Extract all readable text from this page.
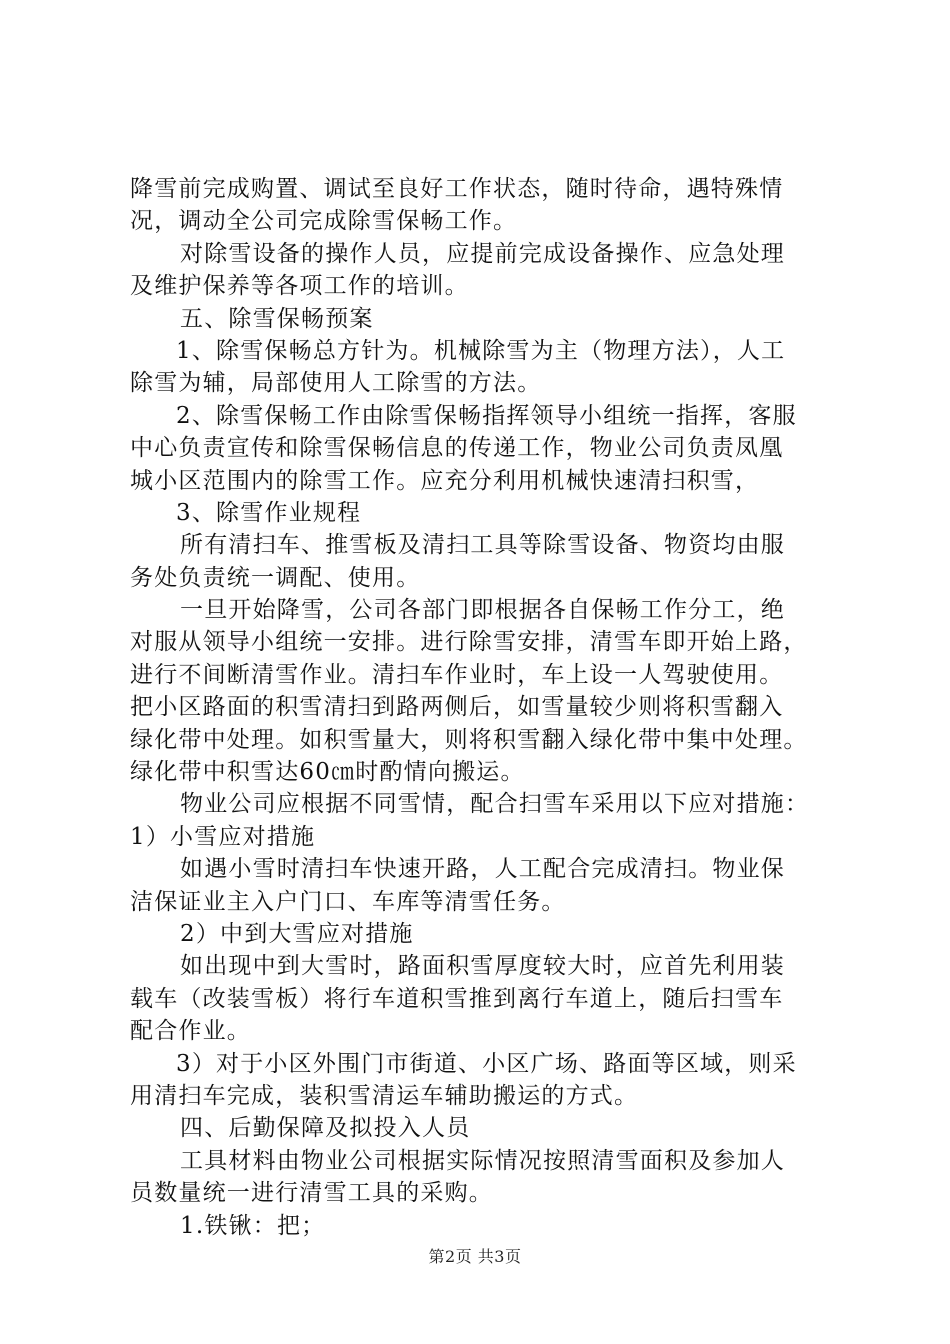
降雪前完成购置、调试至良好工作状态，随时待命，遇特殊情
况，调动全公司完成除雪保畅工作。
对除雪设备的操作人员，应提前完成设备操作、应急处理
及维护保养等各项工作的培训。
五、除雪保畅预案
1、除雪保畅总方针为。机械除雪为主（物理方法），人工
除雪为辅，局部使用人工除雪的方法。
2、除雪保畅工作由除雪保畅指挥领导小组统一指挥，客服
中心负责宣传和除雪保畅信息的传递工作，物业公司负责凤凰
城小区范围内的除雪工作。应充分利用机械快速清扫积雪，
3、除雪作业规程
所有清扫车、推雪板及清扫工具等除雪设备、物资均由服
务处负责统一调配、使用。
一旦开始降雪，公司各部门即根据各自保畅工作分工，绝
对服从领导小组统一安排。进行除雪安排，清雪车即开始上路，
进行不间断清雪作业。清扫车作业时，车上设一人驾驶使用。
把小区路面的积雪清扫到路两侧后，如雪量较少则将积雪翻入
绿化带中处理。如积雪量大，则将积雪翻入绿化带中集中处理。
绿化带中积雪达60㎝时酌情向搬运。
物业公司应根据不同雪情，配合扫雪车采用以下应对措施：
1）小雪应对措施
如遇小雪时清扫车快速开路，人工配合完成清扫。物业保
洁保证业主入户门口、车库等清雪任务。
2）中到大雪应对措施
如出现中到大雪时，路面积雪厚度较大时，应首先利用装
载车（改装雪板）将行车道积雪推到离行车道上，随后扫雪车
配合作业。
3）对于小区外围门市街道、小区广场、路面等区域，则采
用清扫车完成，装积雪清运车辅助搬运的方式。
四、后勤保障及拟投入人员
工具材料由物业公司根据实际情况按照清雪面积及参加人
员数量统一进行清雪工具的采购。
1.铁锹：把；
第2页 共3页
